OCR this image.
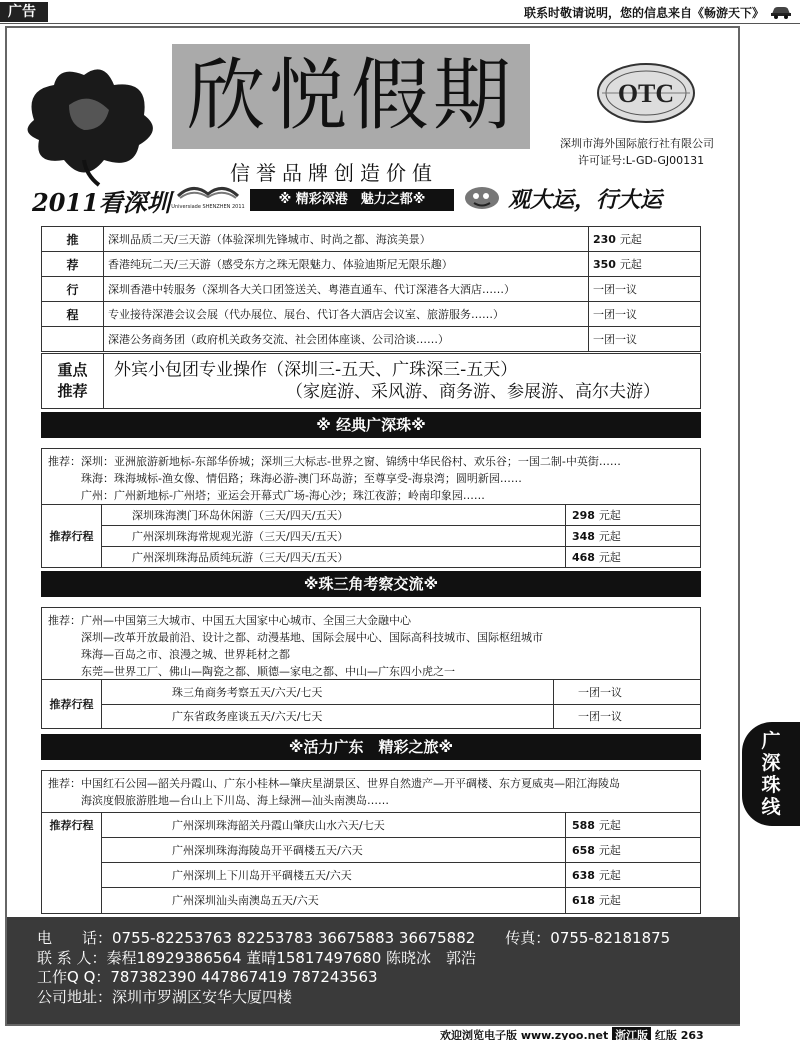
广告	联系时敬请说明，您的信息来自《畅游天下》
欣悦假期	OTC
深圳市海外国际旅行社有限公司
许可证号:L-GD-GJ00131
信誉品牌创造价值
2011看深圳 Universiade SHENZHEN 2011	※ 精彩深港　魅力之都※	观大运，行大运
推	深圳品质二天/三天游（体验深圳先锋城市、时尚之都、海滨美景）	230 元起
荐	香港纯玩二天/三天游（感受东方之珠无限魅力、体验迪斯尼无限乐趣）	350 元起
行	深圳香港中转服务（深圳各大关口团签送关、粤港直通车、代订深港各大酒店……）	一团一议
程	专业接待深港会议会展（代办展位、展台、代订各大酒店会议室、旅游服务……）	一团一议
	深港公务商务团（政府机关政务交流、社会团体座谈、公司洽谈……）	一团一议
重点推荐	
外宾小包团专业操作（深圳三-五天、广珠深三-五天）
（家庭游、采风游、商务游、参展游、高尔夫游）
※ 经典广深珠※
推荐：深圳：亚洲旅游新地标-东部华侨城；深圳三大标志-世界之窗、锦绣中华民俗村、欢乐谷；一国二制-中英街……
　　　珠海：珠海城标-渔女像、情侣路；珠海必游-澳门环岛游；至尊享受-海泉湾；圆明新园……
　　　广州：广州新地标-广州塔；亚运会开幕式广场-海心沙；珠江夜游；岭南印象园……
推荐行程
深圳珠海澳门环岛休闲游（三天/四天/五天）	298 元起
广州深圳珠海常规观光游（三天/四天/五天）	348 元起
广州深圳珠海品质纯玩游（三天/四天/五天）	468 元起
※珠三角考察交流※
推荐：广州—中国第三大城市、中国五大国家中心城市、全国三大金融中心
　　　深圳—改革开放最前沿、设计之都、动漫基地、国际会展中心、国际高科技城市、国际枢纽城市
　　　珠海—百岛之市、浪漫之城、世界耗材之都
　　　东莞—世界工厂、佛山—陶瓷之都、顺德—家电之都、中山—广东四小虎之一
推荐行程
珠三角商务考察五天/六天/七天	一团一议
广东省政务座谈五天/六天/七天	一团一议
※活力广东　精彩之旅※
推荐：中国红石公园—韶关丹霞山、广东小桂林—肇庆星湖景区、世界自然遗产—开平碉楼、东方夏威夷—阳江海陵岛
　　　海滨度假旅游胜地—台山上下川岛、海上绿洲—汕头南澳岛……
推荐行程	广州深圳珠海韶关丹霞山肇庆山水六天/七天	588 元起
广州深圳珠海海陵岛开平碉楼五天/六天	658 元起
广州深圳上下川岛开平碉楼五天/六天	638 元起
广州深圳汕头南澳岛五天/六天	618 元起
广
深
珠
线
电　　话：0755-82253763 82253783 36675883 36675882　　传真：0755-82181875
联 系 人：秦程18929386564 董晴15817497680 陈晓冰　郭浩
工作Q Q：787382390 447867419 787243563
公司地址：深圳市罗湖区安华大厦四楼
欢迎浏览电子版 www.zyoo.net 浙江版 红版 263
